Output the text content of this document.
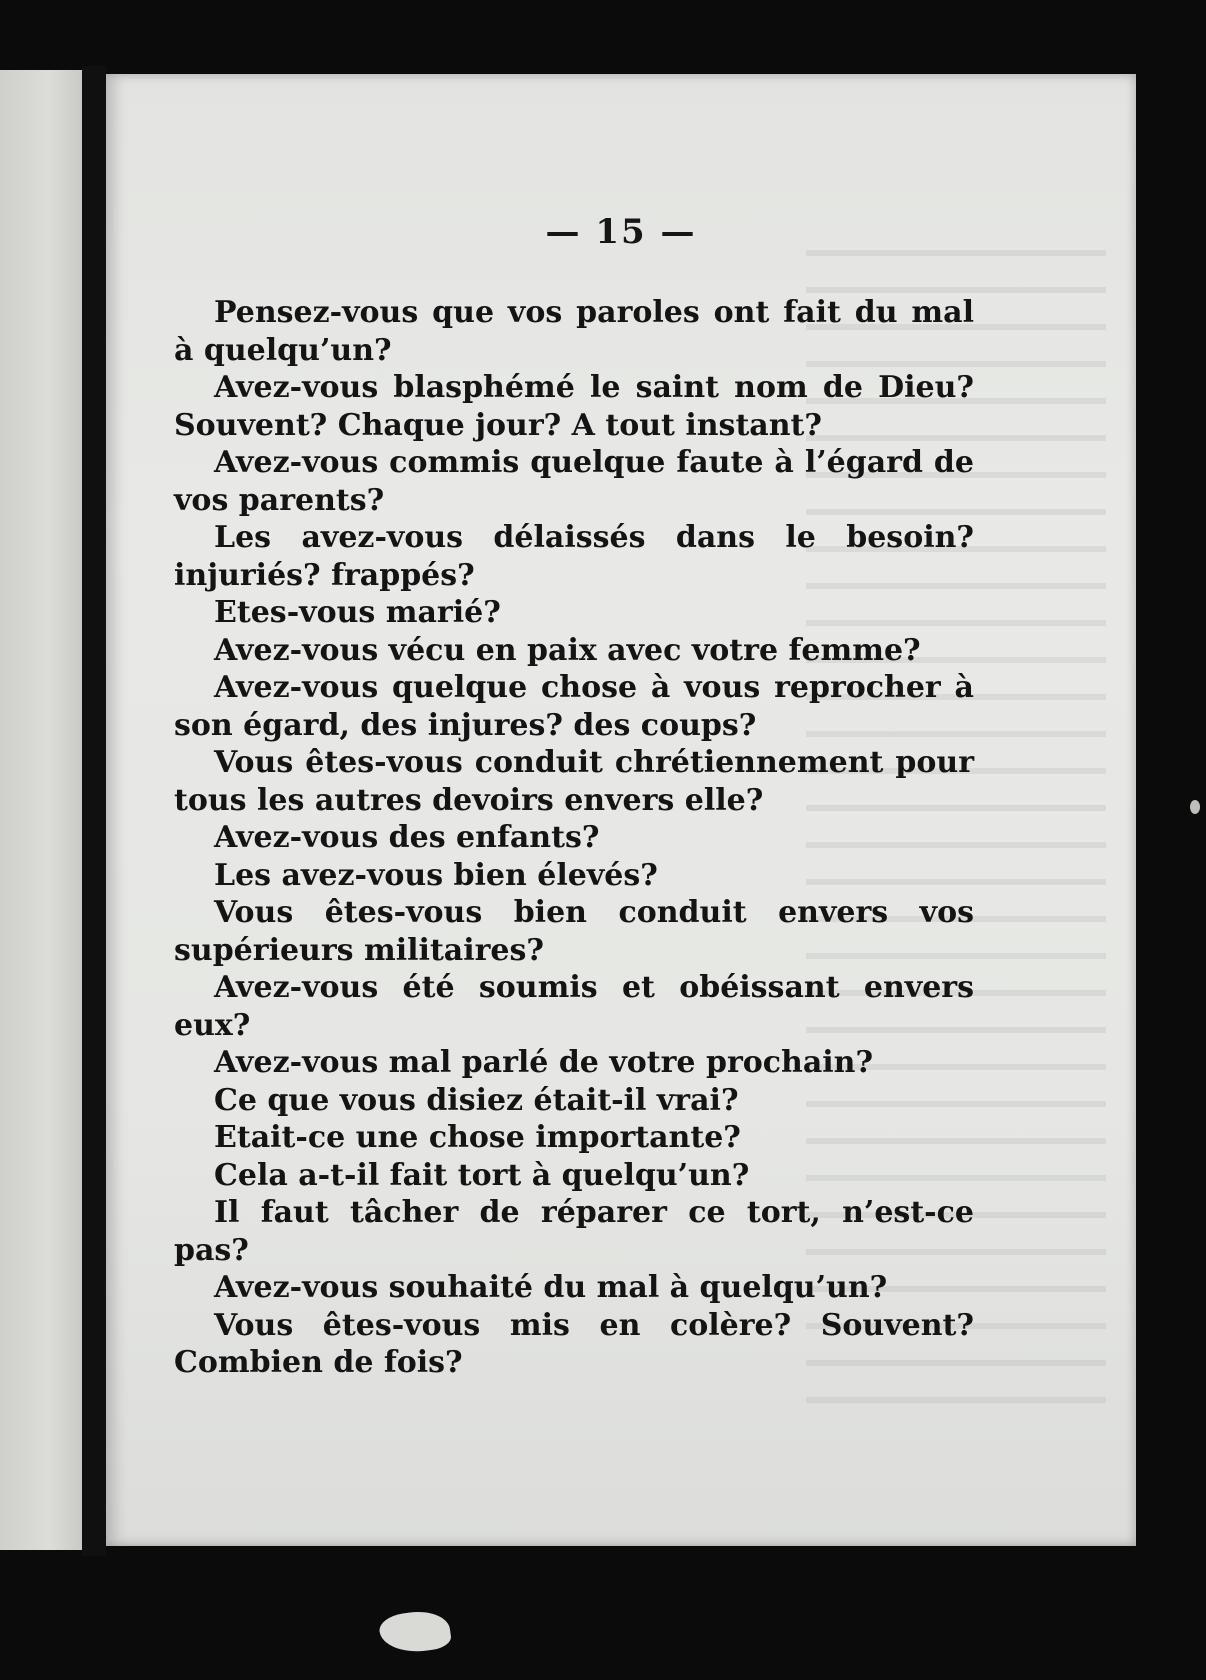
— 15 —

Pensez-vous que vos paroles ont fait du mal à quelqu’un?

Avez-vous blasphémé le saint nom de Dieu? Souvent? Chaque jour? A tout instant?

Avez-vous commis quelque faute à l’égard de vos parents?

Les avez-vous délaissés dans le besoin? injuriés? frappés?

Etes-vous marié?

Avez-vous vécu en paix avec votre femme?

Avez-vous quelque chose à vous reprocher à son égard, des injures? des coups?

Vous êtes-vous conduit chrétiennement pour tous les autres devoirs envers elle?

Avez-vous des enfants?

Les avez-vous bien élevés?

Vous êtes-vous bien conduit envers vos supérieurs militaires?

Avez-vous été soumis et obéissant envers eux?

Avez-vous mal parlé de votre prochain?

Ce que vous disiez était-il vrai?

Etait-ce une chose importante?

Cela a-t-il fait tort à quelqu’un?

Il faut tâcher de réparer ce tort, n’est-ce pas?

Avez-vous souhaité du mal à quelqu’un?

Vous êtes-vous mis en colère? Souvent? Combien de fois?
